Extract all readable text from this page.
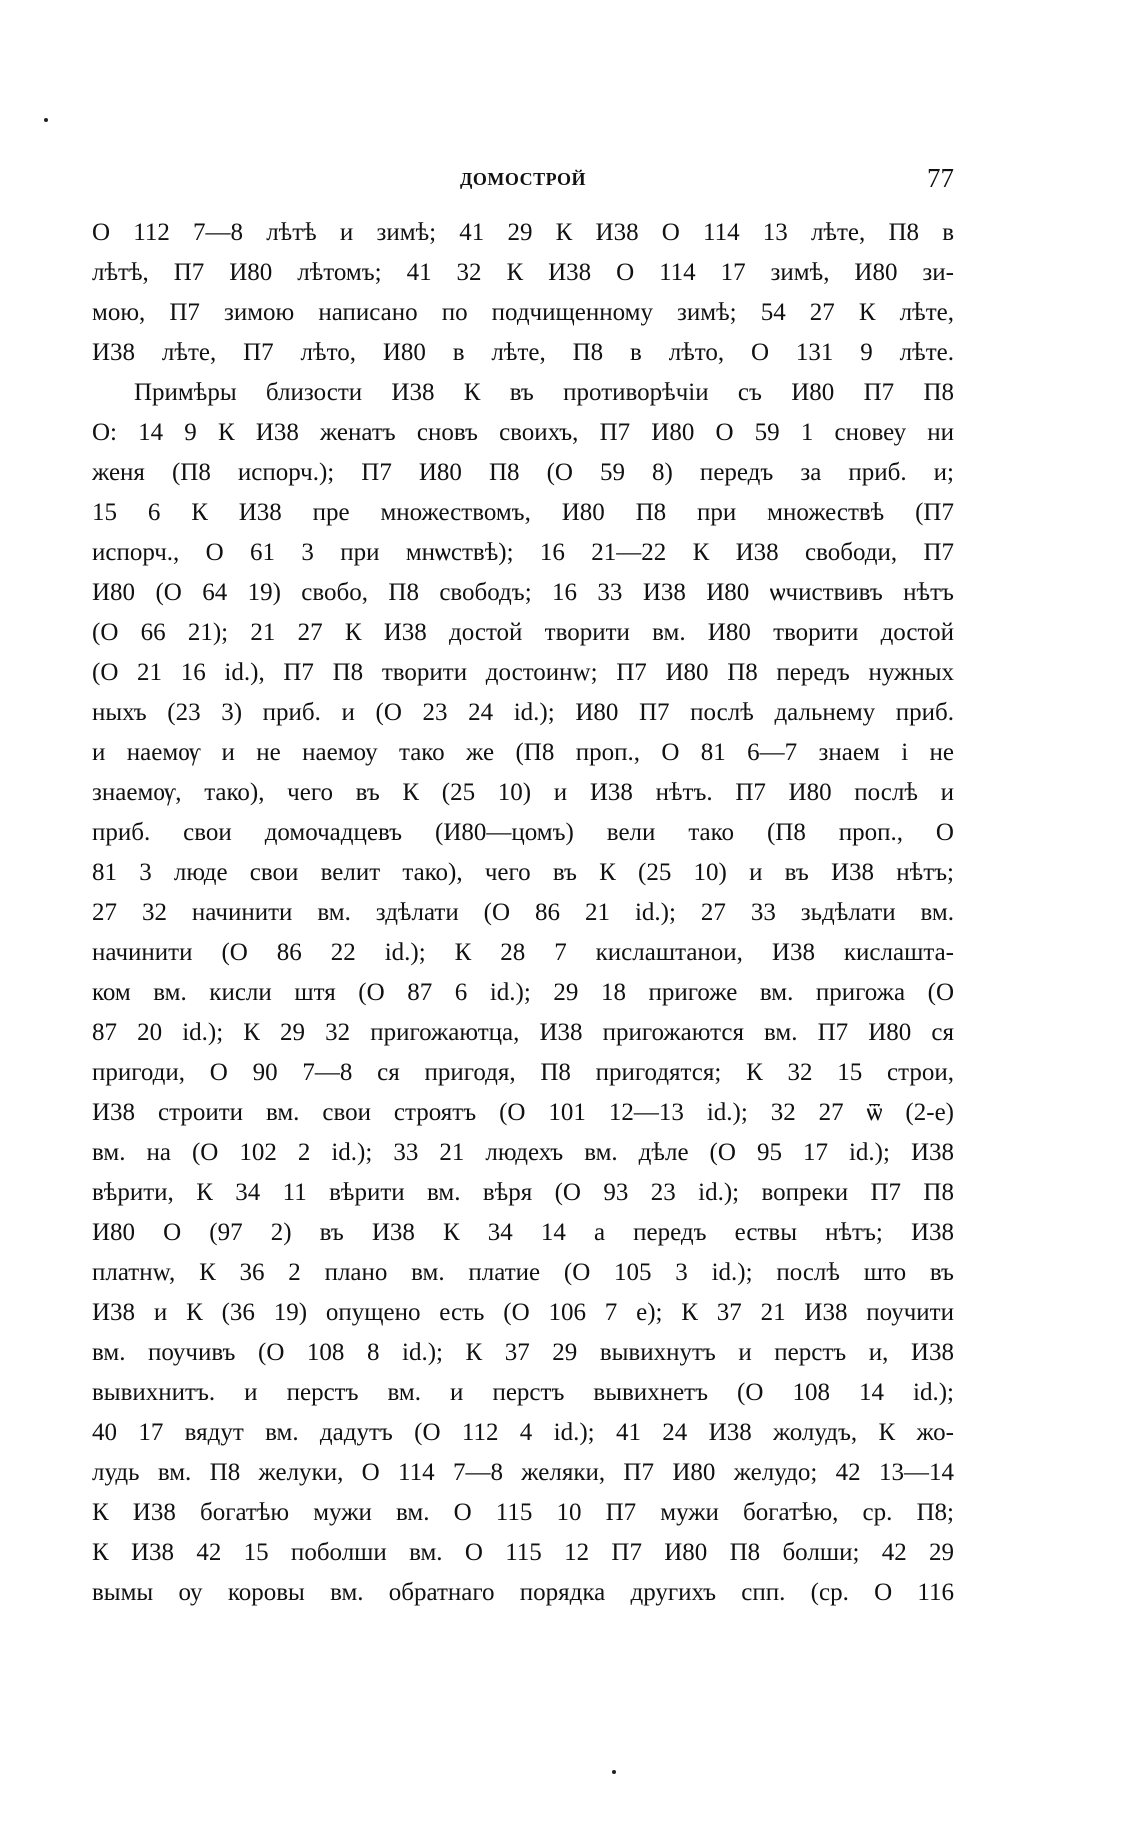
ДОМОСТРОЙ	77
О 112 7—8 лѣтѣ и зимѣ; 41 29 К И38 О 114 13 лѣте, П8 в
лѣтѣ, П7 И80 лѣтомъ; 41 32 К И38 О 114 17 зимѣ, И80 зи-
мою, П7 зимою написано по подчищенному зимѣ; 54 27 К лѣте,
И38 лѣте, П7 лѣто, И80 в лѣте, П8 в лѣто, О 131 9 лѣте.
Примѣры близости И38 К въ противорѣчіи съ И80 П7 П8
О: 14 9 К И38 женатъ сновъ своихъ, П7 И80 О 59 1 сновеу ни
женя (П8 испорч.); П7 И80 П8 (О 59 8) передъ за приб. и;
15 6 К И38 пре множествомъ, И80 П8 при множествѣ (П7
испорч., О 61 3 при мнѡствѣ); 16 21—22 К И38 свободи, П7
И80 (О 64 19) свобо, П8 свободъ; 16 33 И38 И80 ѡчиствивъ нѣтъ
(О 66 21); 21 27 К И38 достой творити вм. И80 творити достой
(О 21 16 id.), П7 П8 творити достоинw; П7 И80 П8 передъ нужных
ныхъ (23 3) приб. и (О 23 24 id.); И80 П7 послѣ дальнему приб.
и наемѹ и не наемоу тако же (П8 проп., О 81 6—7 знаем і не
знаемѹ, тако), чего въ К (25 10) и И38 нѣтъ. П7 И80 послѣ и
приб. свои домочадцевъ (И80—цомъ) вели тако (П8 проп., О
81 3 люде свои велит тако), чего въ К (25 10) и въ И38 нѣтъ;
27 32 начинити вм. здѣлати (О 86 21 id.); 27 33 зьдѣлати вм.
начинити (О 86 22 id.); К 28 7 кислаштанои, И38 кислашта-
ком вм. кисли штя (О 87 6 id.); 29 18 пригоже вм. пригожа (О
87 20 id.); К 29 32 пригожаютца, И38 пригожаются вм. П7 И80 ся
пригоди, О 90 7—8 ся пригодя, П8 пригодятся; К 32 15 строи,
И38 строити вм. свои строятъ (О 101 12—13 id.); 32 27 ѿ (2-е)
вм. на (О 102 2 id.); 33 21 людехъ вм. дѣле (О 95 17 id.); И38
вѣрити, К 34 11 вѣрити вм. вѣря (О 93 23 id.); вопреки П7 П8
И80 О (97 2) въ И38 К 34 14 а передъ ествы нѣтъ; И38
платнw, К 36 2 плано вм. платие (О 105 3 id.); послѣ што въ
И38 и К (36 19) опущено есть (О 106 7 е); К 37 21 И38 поучити
вм. поучивъ (О 108 8 id.); К 37 29 вывихнутъ и перстъ и, И38
вывихнитъ. и перстъ вм. и перстъ вывихнетъ (О 108 14 id.);
40 17 вядут вм. дадутъ (О 112 4 id.); 41 24 И38 жолудъ, К жо-
лудь вм. П8 желуки, О 114 7—8 желяки, П7 И80 желудо; 42 13—14
К И38 богатѣю мужи вм. О 115 10 П7 мужи богатѣю, ср. П8;
К И38 42 15 поболши вм. О 115 12 П7 И80 П8 болши; 42 29
вымы оу коровы вм. обратнаго порядка другихъ спп. (ср. О 116
